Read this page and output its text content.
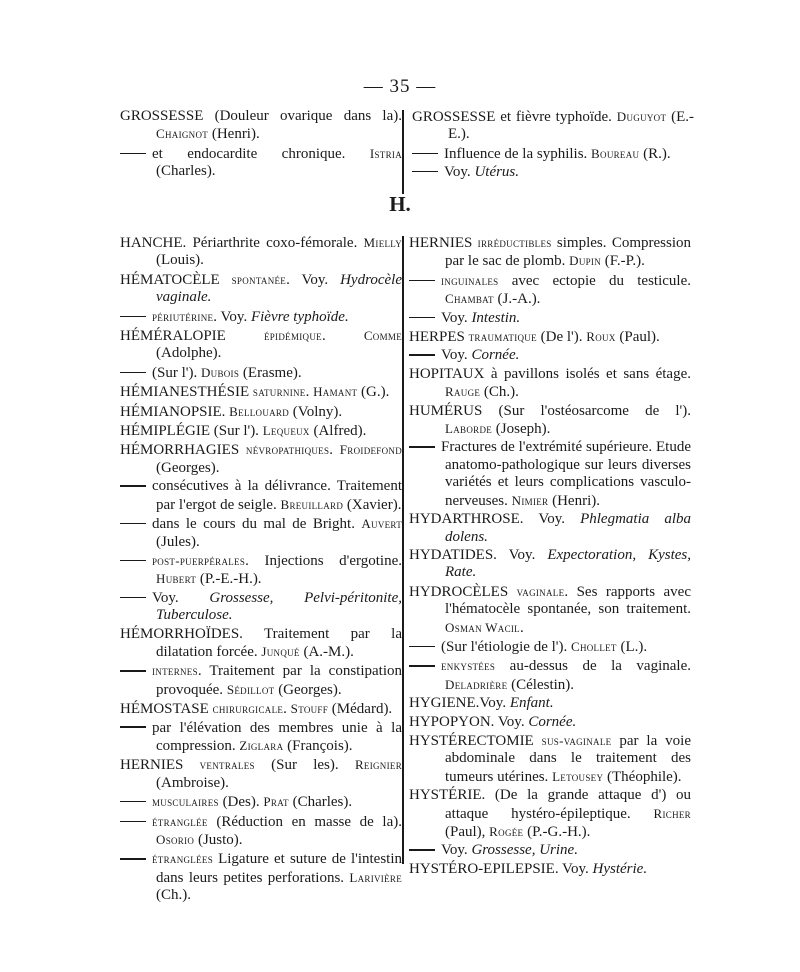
— 35 —

GROSSESSE (Douleur ovarique dans la). Chaignot (Henri).

et endocardite chronique. Istria (Charles).

GROSSESSE et fièvre typhoïde. Duguyot (E.-E.).

Influence de la syphilis. Boureau (R.).

Voy. Utérus.

H.

HANCHE. Périarthrite coxo-fémorale. Mielly (Louis).

HÉMATOCÈLE spontanée. Voy. Hydrocèle vaginale.

périutérine. Voy. Fièvre typhoïde.

HÉMÉRALOPIE épidémique. Comme (Adolphe).

(Sur l'). Dubois (Erasme).

HÉMIANESTHÉSIE saturnine. Hamant (G.).

HÉMIANOPSIE. Bellouard (Volny).

HÉMIPLÉGIE (Sur l'). Lequeux (Alfred).

HÉMORRHAGIES névropathiques. Froidefond (Georges).

consécutives à la délivrance. Traitement par l'ergot de seigle. Breuillard (Xavier).

dans le cours du mal de Bright. Auvert (Jules).

post-puerpérales. Injections d'ergotine. Hubert (P.-E.-H.).

Voy. Grossesse, Pelvi-péritonite, Tuberculose.

HÉMORRHOÏDES. Traitement par la dilatation forcée. Junqué (A.-M.).

internes. Traitement par la constipation provoquée. Sédillot (Georges).

HÉMOSTASE chirurgicale. Stouff (Médard).

par l'élévation des membres unie à la compression. Ziglara (François).

HERNIES ventrales (Sur les). Reignier (Ambroise).

musculaires (Des). Prat (Charles).

étranglée (Réduction en masse de la). Osorio (Justo).

étranglées Ligature et suture de l'intestin dans leurs petites perforations. Larivière (Ch.).

HERNIES irréductibles simples. Compression par le sac de plomb. Dupin (F.-P.).

inguinales avec ectopie du testicule. Chambat (J.-A.).

Voy. Intestin.

HERPES traumatique (De l'). Roux (Paul).

Voy. Cornée.

HOPITAUX à pavillons isolés et sans étage. Rauge (Ch.).

HUMÉRUS (Sur l'ostéosarcome de l'). Laborde (Joseph).

Fractures de l'extrémité supérieure. Etude anatomo-pathologique sur leurs diverses variétés et leurs complications vasculo-nerveuses. Nimier (Henri).

HYDARTHROSE. Voy. Phlegmatia alba dolens.

HYDATIDES. Voy. Expectoration, Kystes, Rate.

HYDROCÈLES vaginale. Ses rapports avec l'hématocèle spontanée, son traitement. Osman Wacil.

(Sur l'étiologie de l'). Chollet (L.).

enkystées au-dessus de la vaginale. Deladrière (Célestin).

HYGIENE.Voy. Enfant.

HYPOPYON. Voy. Cornée.

HYSTÉRECTOMIE sus-vaginale par la voie abdominale dans le traitement des tumeurs utérines. Letousey (Théophile).

HYSTÉRIE. (De la grande attaque d') ou attaque hystéro-épileptique. Richer (Paul), Rogée (P.-G.-H.).

Voy. Grossesse, Urine.

HYSTÉRO-EPILEPSIE. Voy. Hystérie.
